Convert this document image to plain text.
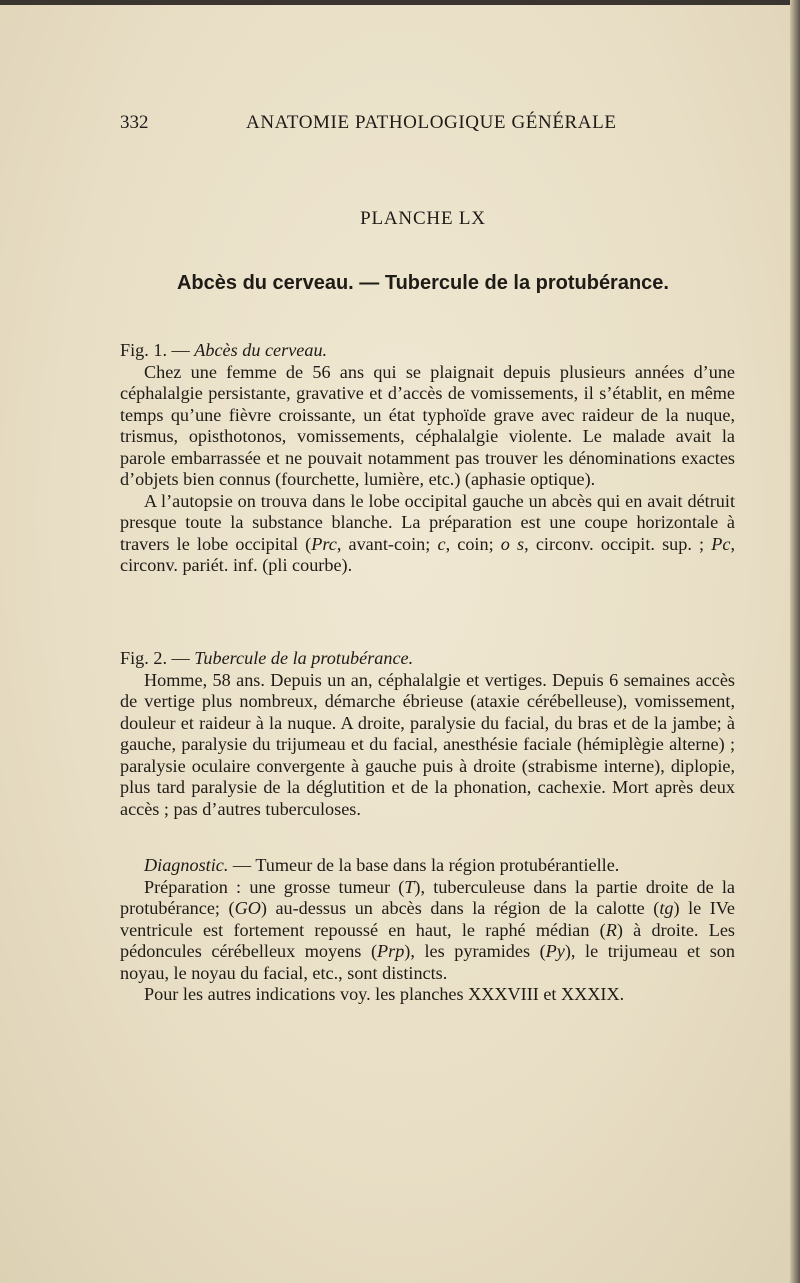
332	ANATOMIE PATHOLOGIQUE GÉNÉRALE
PLANCHE LX
Abcès du cerveau. — Tubercule de la protubérance.

Fig. 1. — Abcès du cerveau.

Chez une femme de 56 ans qui se plaignait depuis plusieurs années d’une céphalalgie persistante, gravative et d’accès de vomissements, il s’établit, en même temps qu’une fièvre croissante, un état typhoïde grave avec raideur de la nuque, trismus, opisthotonos, vomissements, céphalalgie violente. Le malade avait la parole embarrassée et ne pouvait notamment pas trouver les dénominations exactes d’objets bien connus (fourchette, lumière, etc.) (aphasie optique).

A l’autopsie on trouva dans le lobe occipital gauche un abcès qui en avait détruit presque toute la substance blanche. La préparation est une coupe horizontale à travers le lobe occipital (Prc, avant-coin; c, coin; o s, circonv. occipit. sup. ; Pc, circonv. pariét. inf. (pli courbe).

Fig. 2. — Tubercule de la protubérance.

Homme, 58 ans. Depuis un an, céphalalgie et vertiges. Depuis 6 semaines accès de vertige plus nombreux, démarche ébrieuse (ataxie cérébelleuse), vomissement, douleur et raideur à la nuque. A droite, paralysie du facial, du bras et de la jambe; à gauche, paralysie du trijumeau et du facial, anesthésie faciale (hémiplègie alterne) ; paralysie oculaire convergente à gauche puis à droite (strabisme interne), diplopie, plus tard paralysie de la déglutition et de la phonation, cachexie. Mort après deux accès ; pas d’autres tuberculoses.

Diagnostic. — Tumeur de la base dans la région protubérantielle.

Préparation : une grosse tumeur (T), tuberculeuse dans la partie droite de la protubérance; (GO) au-dessus un abcès dans la région de la calotte (tg) le IVe ventricule est fortement repoussé en haut, le raphé médian (R) à droite. Les pédoncules cérébelleux moyens (Prp), les pyramides (Py), le trijumeau et son noyau, le noyau du facial, etc., sont distincts.

Pour les autres indications voy. les planches XXXVIII et XXXIX.
